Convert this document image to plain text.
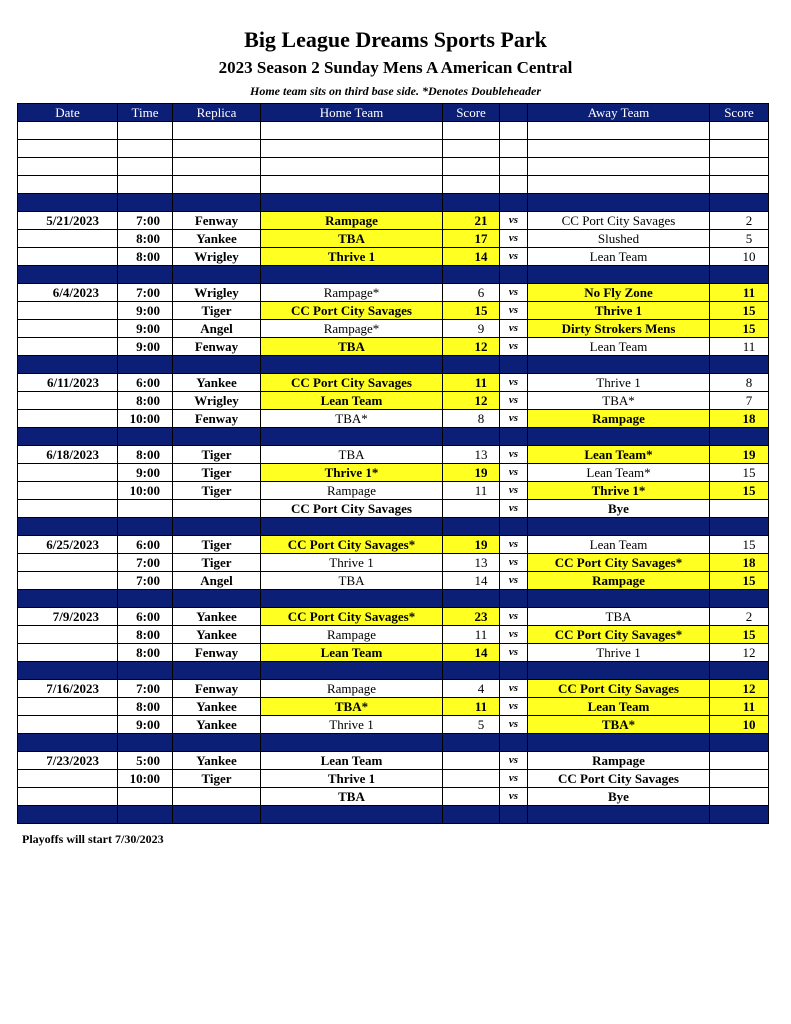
Big League Dreams Sports Park
2023 Season 2 Sunday Mens A American Central
Home team sits on third base side. *Denotes Doubleheader
Date	Time	Replica	Home Team	Score		Away Team	Score

5/21/2023	7:00	Fenway	Rampage	21	vs	CC Port City Savages	2
	8:00	Yankee	TBA	17	vs	Slushed	5
	8:00	Wrigley	Thrive 1	14	vs	Lean Team	10

6/4/2023	7:00	Wrigley	Rampage*	6	vs	No Fly Zone	11
	9:00	Tiger	CC Port City Savages	15	vs	Thrive 1	15
	9:00	Angel	Rampage*	9	vs	Dirty Strokers Mens	15
	9:00	Fenway	TBA	12	vs	Lean Team	11

6/11/2023	6:00	Yankee	CC Port City Savages	11	vs	Thrive 1	8
	8:00	Wrigley	Lean Team	12	vs	TBA*	7
	10:00	Fenway	TBA*	8	vs	Rampage	18

6/18/2023	8:00	Tiger	TBA	13	vs	Lean Team*	19
	9:00	Tiger	Thrive 1*	19	vs	Lean Team*	15
	10:00	Tiger	Rampage	11	vs	Thrive 1*	15
			CC Port City Savages		vs	Bye	

6/25/2023	6:00	Tiger	CC Port City Savages*	19	vs	Lean Team	15
	7:00	Tiger	Thrive 1	13	vs	CC Port City Savages*	18
	7:00	Angel	TBA	14	vs	Rampage	15

7/9/2023	6:00	Yankee	CC Port City Savages*	23	vs	TBA	2
	8:00	Yankee	Rampage	11	vs	CC Port City Savages*	15
	8:00	Fenway	Lean Team	14	vs	Thrive 1	12

7/16/2023	7:00	Fenway	Rampage	4	vs	CC Port City Savages	12
	8:00	Yankee	TBA*	11	vs	Lean Team	11
	9:00	Yankee	Thrive 1	5	vs	TBA*	10

7/23/2023	5:00	Yankee	Lean Team		vs	Rampage	
	10:00	Tiger	Thrive 1		vs	CC Port City Savages	
			TBA		vs	Bye	

Playoffs will start 7/30/2023
